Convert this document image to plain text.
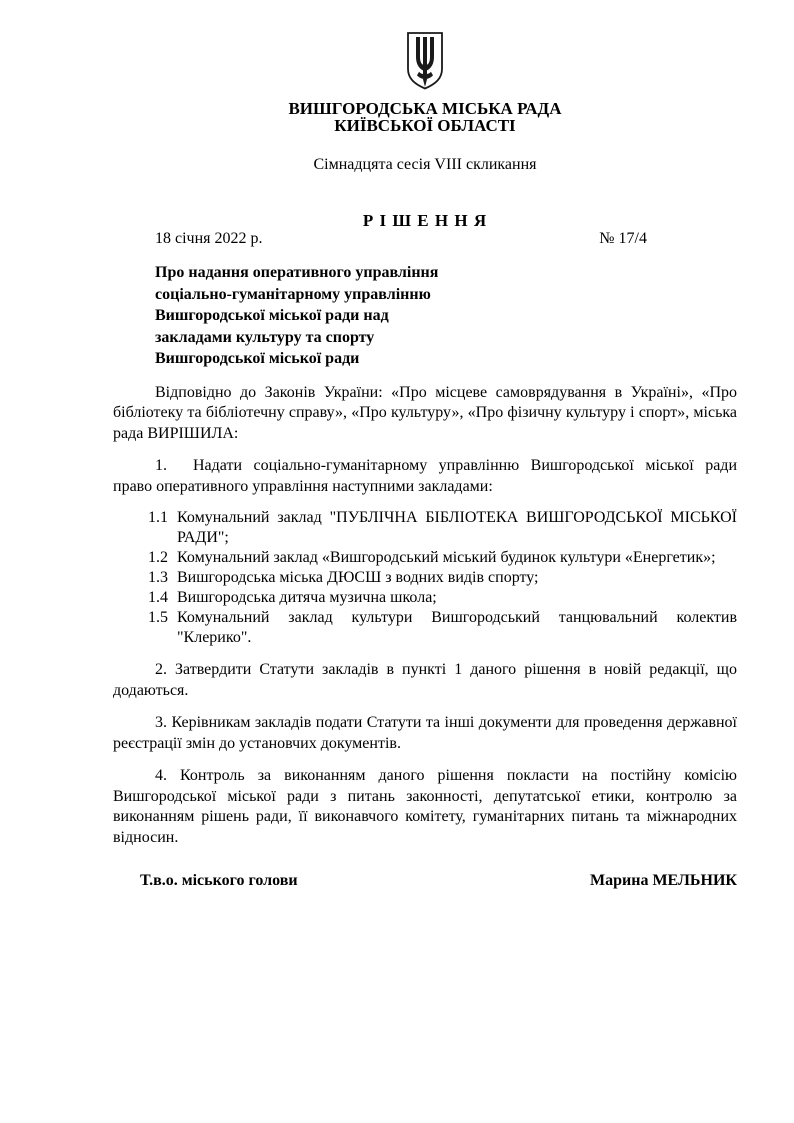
ВИШГОРОДСЬКА МІСЬКА РАДА
КИЇВСЬКОЇ ОБЛАСТІ
Сімнадцята сесія VIII скликання
Р І Ш Е Н Н Я
18 січня 2022 р.	№ 17/4
Про надання оперативного управління
соціально-гуманітарному управлінню
Вишгородської міської ради над
закладами культуру та спорту
Вишгородської міської ради

Відповідно до Законів України: «Про місцеве самоврядування в Україні», «Про бібліотеку та бібліотечну справу», «Про культуру», «Про фізичну культуру і спорт», міська рада ВИРІШИЛА:

1. Надати соціально-гуманітарному управлінню Вишгородської міської ради право оперативного управління наступними закладами:

1.1 Комунальний заклад "ПУБЛІЧНА БІБЛІОТЕКА ВИШГОРОДСЬКОЇ МІСЬКОЇ РАДИ";
1.2 Комунальний заклад «Вишгородський міський будинок культури «Енергетик»;
1.3 Вишгородська міська ДЮСШ з водних видів спорту;
1.4 Вишгородська дитяча музична школа;
1.5 Комунальний заклад культури Вишгородський танцювальний колектив "Клерико".

2. Затвердити Статути закладів в пункті 1 даного рішення в новій редакції, що додаються.

3. Керівникам закладів подати Статути та інші документи для проведення державної реєстрації змін до установчих документів.

4. Контроль за виконанням даного рішення покласти на постійну комісію Вишгородської міської ради з питань законності, депутатської етики, контролю за виконанням рішень ради, її виконавчого комітету, гуманітарних питань та міжнародних відносин.

Т.в.о. міського голови	Марина МЕЛЬНИК
